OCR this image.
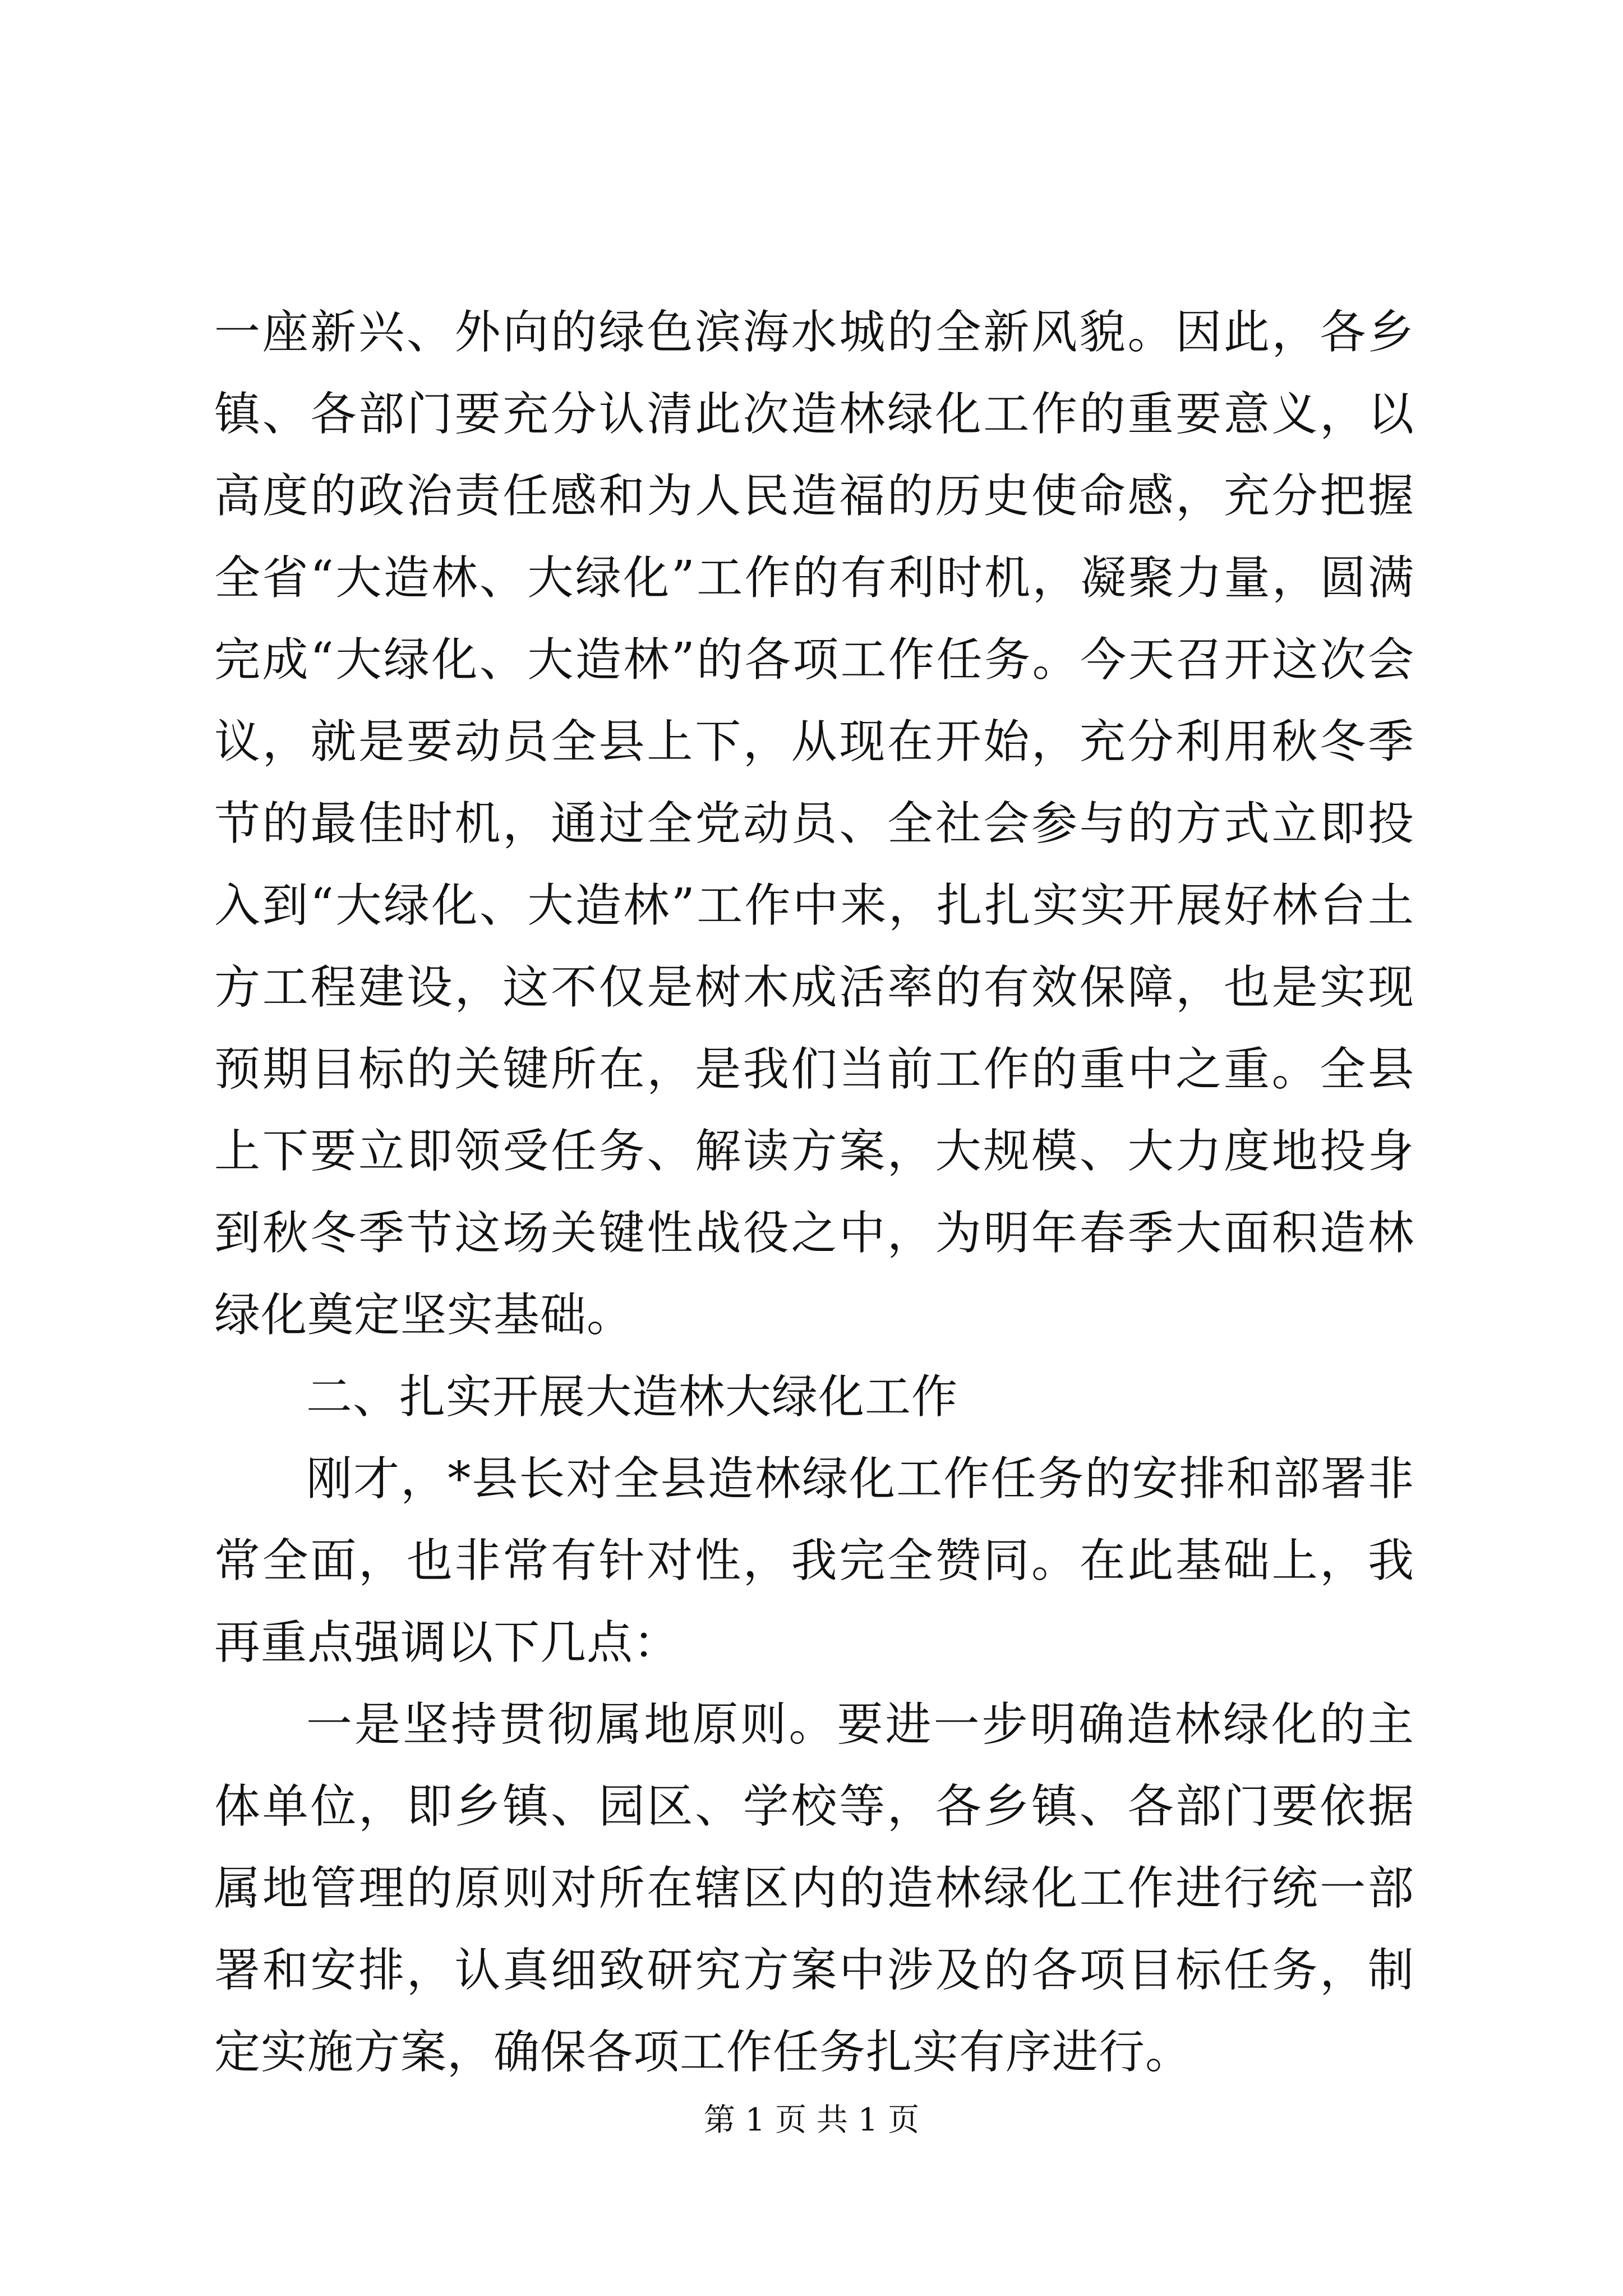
一座新兴、外向的绿色滨海水城的全新风貌。因此，各乡镇、各部门要充分认清此次造林绿化工作的重要意义，以高度的政治责任感和为人民造福的历史使命感，充分把握全省“大造林、大绿化”工作的有利时机，凝聚力量，圆满完成“大绿化、大造林”的各项工作任务。今天召开这次会议，就是要动员全县上下，从现在开始，充分利用秋冬季节的最佳时机，通过全党动员、全社会参与的方式立即投入到“大绿化、大造林”工作中来，扎扎实实开展好林台土方工程建设，这不仅是树木成活率的有效保障，也是实现预期目标的关键所在，是我们当前工作的重中之重。全县上下要立即领受任务、解读方案，大规模、大力度地投身到秋冬季节这场关键性战役之中，为明年春季大面积造林绿化奠定坚实基础。

二、扎实开展大造林大绿化工作

刚才，*县长对全县造林绿化工作任务的安排和部署非常全面，也非常有针对性，我完全赞同。在此基础上，我再重点强调以下几点：

一是坚持贯彻属地原则。要进一步明确造林绿化的主体单位，即乡镇、园区、学校等，各乡镇、各部门要依据属地管理的原则对所在辖区内的造林绿化工作进行统一部署和安排，认真细致研究方案中涉及的各项目标任务，制定实施方案，确保各项工作任务扎实有序进行。

第 1 页 共 1 页
